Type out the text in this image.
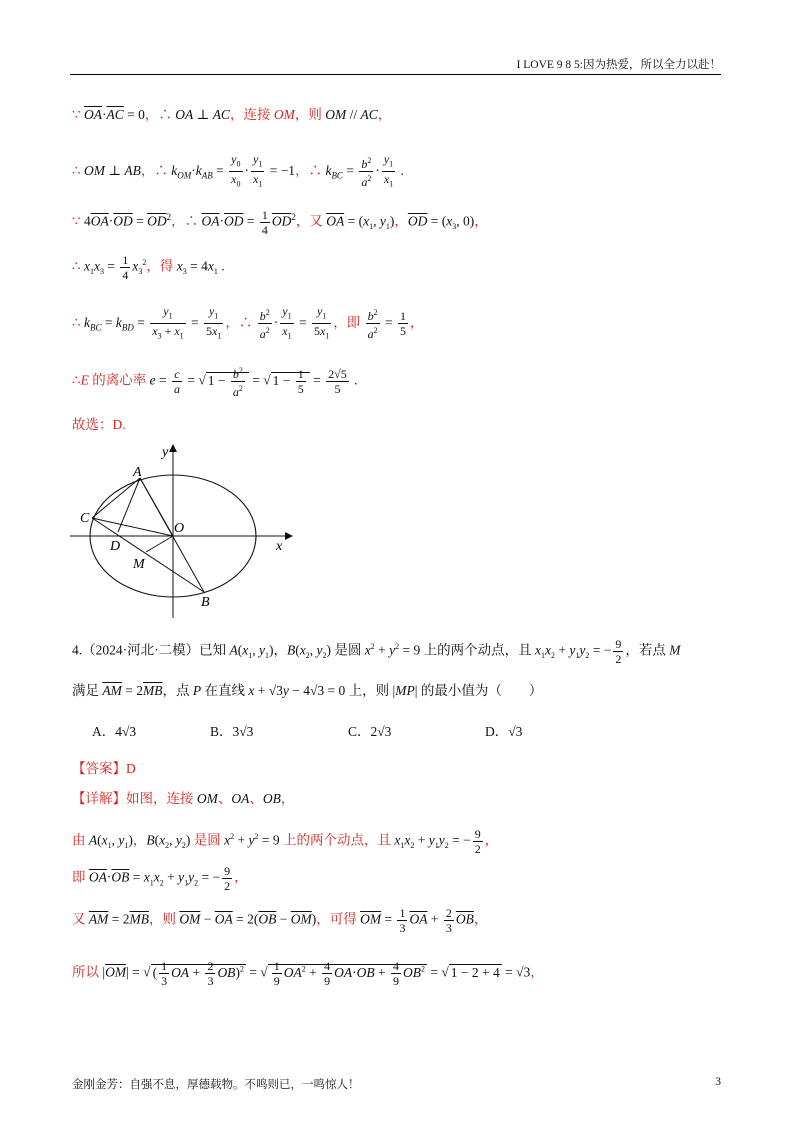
I LOVE 9 8 5:因为热爱，所以全力以赴！
∵ $\overline{OA}\cdot\overline{AC} = 0$，∴ OA ⊥ AC，连接 OM，则 OM // AC，
∴ OM ⊥ AB，∴ $k_{OM}\cdot k_{AB} = \frac{y_0}{x_0} \cdot \frac{y_1}{x_1} = -1$，∴ $k_{BC} = \frac{b^2}{a^2} \cdot \frac{y_1}{x_1}$ .
∵ $4\overline{OA}\cdot\overline{OD} = \overline{OD}^2$，∴ $\overline{OA}\cdot\overline{OD} = \frac{1}{4} \overline{OD}^2$，又 $\overline{OA} = (x_1$, $y_1$)，$\overline{OD} = (x_3$, 0)，
∴ $x_1x_3 = \frac{1}{4} x_3^2$，得 $x_3 = 4x_1$ .
∴ $k_{BC} = k_{BD} = \frac{y_1}{x_3 + x_1} = \frac{y_1}{5x_1}$ ，∴ $\frac{b^2}{a^2} \cdot \frac{y_1}{x_1} = \frac{y_1}{5x_1}$ ，即 $\frac{b^2}{a^2} = \frac{1}{5}$ ，
∴E 的离心率 $e = \frac{c}{a}$ = √ $1 - \frac{b^2}{a^2}$ = √ $1 - \frac{1}{5} = \frac{2√5}{5}$ .
故选：D.
y
x
A
C
O
D
M
B
4.（2024·河北·二模）已知 $A(x_1$, $y_1$)，$B(x_2$, $y_2$) 是圆 $x^2 + y^2 = 9$ 上的两个动点，且 $x_1x_2 + y_1y_2$ = − $\frac{9}{2}$ ，若点 M
满足 $\overline{AM} = 2\overline{MB}$，点 P 在直线 x + √3y − 4√3 = 0 上，则 |MP| 的最小值为（　　）
A．4√3	B．3√3	C．2√3	D．√3
【答案】D
【详解】如图，连接 OM、OA、OB，
由 $A(x_1$, $y_1$)，$B(x_2$, $y_2$) 是圆 $x^2 + y^2 = 9$ 上的两个动点，且 $x_1x_2 + y_1y_2$ = − $\frac{9}{2}$ ，
即 $\overline{OA}\cdot\overline{OB} = x_1x_2 + y_1y_2$ = − $\frac{9}{2}$ ，
又 $\overline{AM} = 2\overline{MB}$，则 $\overline{OM} - \overline{OA} = 2(\overline{OB} - \overline{OM})$，可得 $\overline{OM} = \frac{1}{3} \overline{OA} + \frac{2}{3} \overline{OB}$，
所以 $|\overline{OM}|$ = √ ( $\frac{1}{3} \overline{OA} + \frac{2}{3} \overline{OB})^2$ = √ $\frac{1}{9} \overline{OA}^2 + \frac{4}{9} \overline{OA}\cdot\overline{OB} + \frac{4}{9} \overline{OB}^2$ = √ 1 − 2 + 4 = √3，
金刚金芳：自强不息，厚德载物。不鸣则已，一鸣惊人！	3
